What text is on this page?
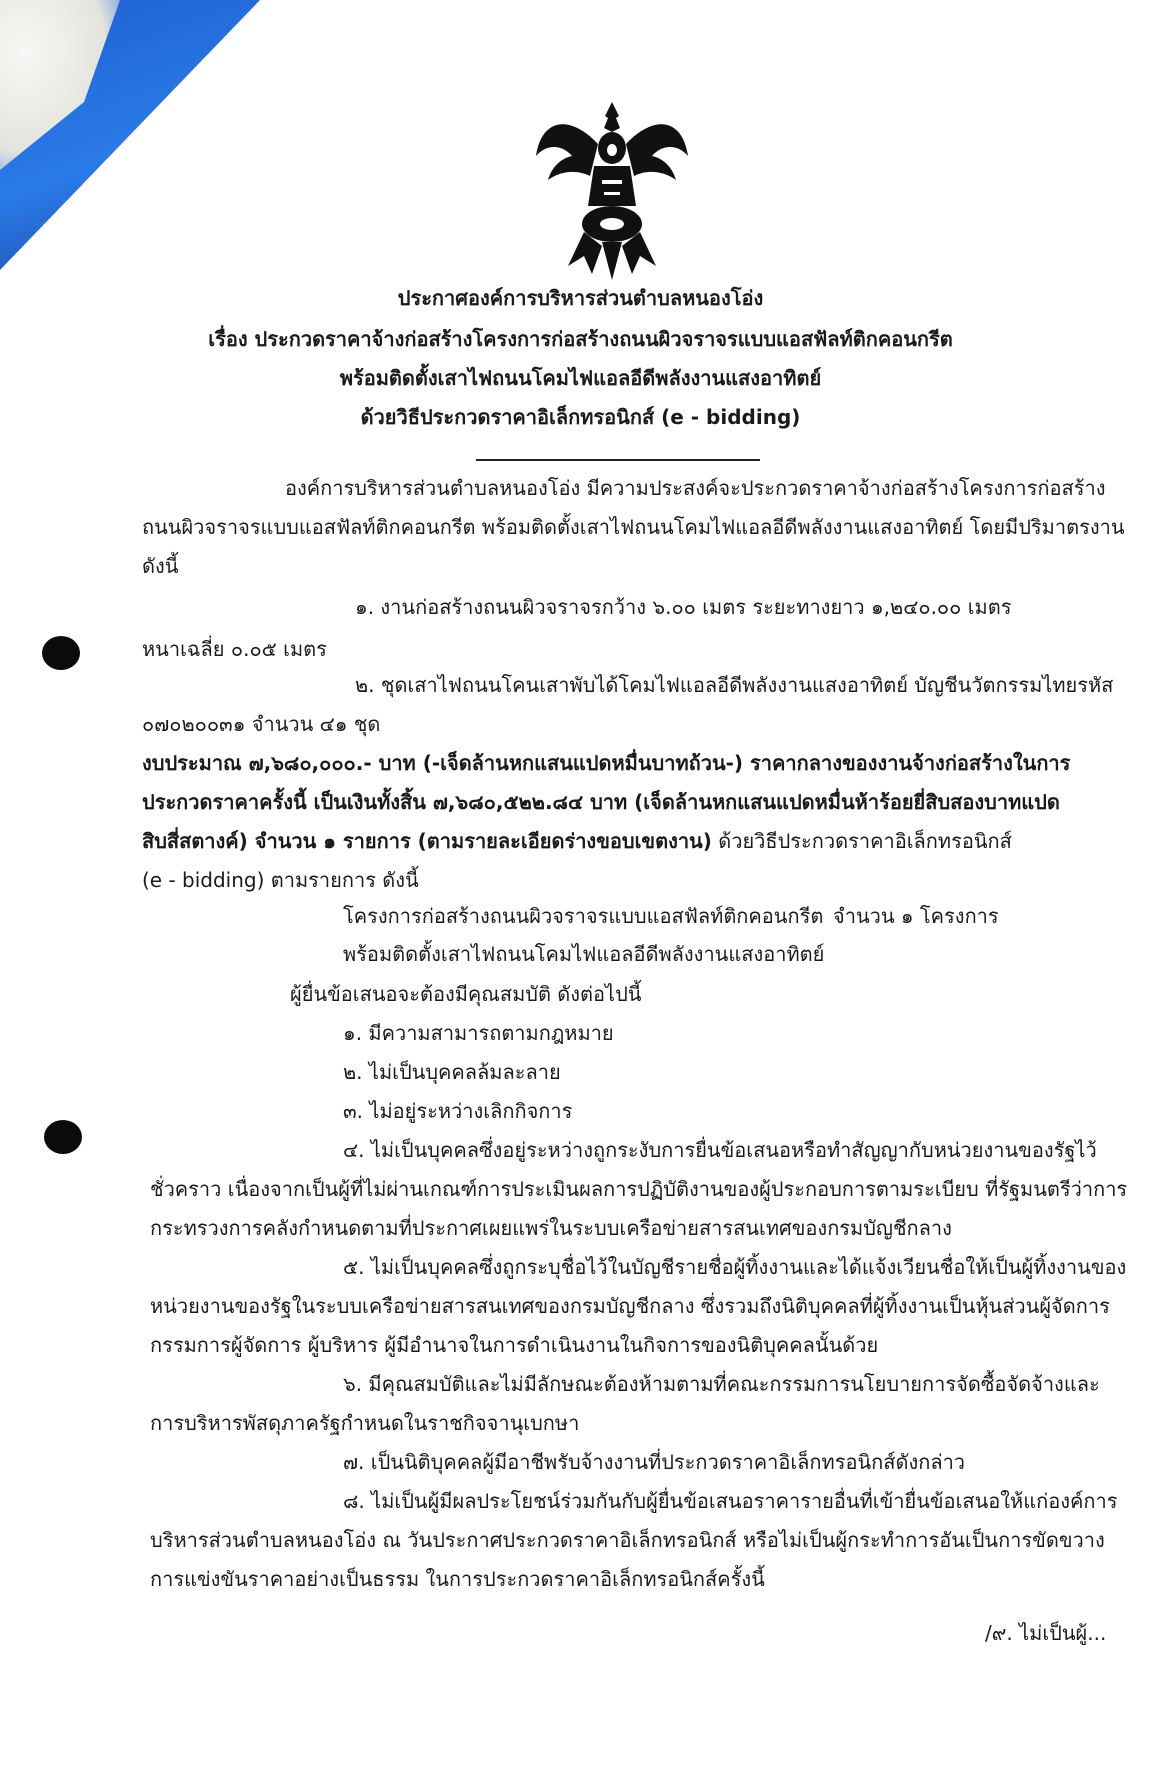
ประกาศองค์การบริหารส่วนตำบลหนองโอ่ง
เรื่อง ประกวดราคาจ้างก่อสร้างโครงการก่อสร้างถนนผิวจราจรแบบแอสฟัลท์ติกคอนกรีต
พร้อมติดตั้งเสาไฟถนนโคมไฟแอลอีดีพลังงานแสงอาทิตย์
ด้วยวิธีประกวดราคาอิเล็กทรอนิกส์ (e - bidding)
องค์การบริหารส่วนตำบลหนองโอ่ง มีความประสงค์จะประกวดราคาจ้างก่อสร้างโครงการก่อสร้าง
ถนนผิวจราจรแบบแอสฟัลท์ติกคอนกรีต พร้อมติดตั้งเสาไฟถนนโคมไฟแอลอีดีพลังงานแสงอาทิตย์ โดยมีปริมาตรงาน
ดังนี้
๑. งานก่อสร้างถนนผิวจราจรกว้าง ๖.๐๐ เมตร ระยะทางยาว ๑,๒๔๐.๐๐ เมตร
หนาเฉลี่ย ๐.๐๕ เมตร
๒. ชุดเสาไฟถนนโคนเสาพับได้โคมไฟแอลอีดีพลังงานแสงอาทิตย์ บัญชีนวัตกรรมไทยรหัส
๐๗๐๒๐๐๓๑ จำนวน ๔๑ ชุด
งบประมาณ ๗,๖๘๐,๐๐๐.- บาท (-เจ็ดล้านหกแสนแปดหมื่นบาทถ้วน-) ราคากลางของงานจ้างก่อสร้างในการ
ประกวดราคาครั้งนี้ เป็นเงินทั้งสิ้น ๗,๖๘๐,๕๒๒.๘๔ บาท (เจ็ดล้านหกแสนแปดหมื่นห้าร้อยยี่สิบสองบาทแปด
สิบสี่สตางค์) จำนวน ๑ รายการ (ตามรายละเอียดร่างขอบเขตงาน) ด้วยวิธีประกวดราคาอิเล็กทรอนิกส์
(e - bidding) ตามรายการ ดังนี้
โครงการก่อสร้างถนนผิวจราจรแบบแอสฟัลท์ติกคอนกรีต จำนวน ๑ โครงการ
พร้อมติดตั้งเสาไฟถนนโคมไฟแอลอีดีพลังงานแสงอาทิตย์
ผู้ยื่นข้อเสนอจะต้องมีคุณสมบัติ ดังต่อไปนี้
๑. มีความสามารถตามกฎหมาย
๒. ไม่เป็นบุคคลล้มละลาย
๓. ไม่อยู่ระหว่างเลิกกิจการ
๔. ไม่เป็นบุคคลซึ่งอยู่ระหว่างถูกระงับการยื่นข้อเสนอหรือทำสัญญากับหน่วยงานของรัฐไว้
ชั่วคราว เนื่องจากเป็นผู้ที่ไม่ผ่านเกณฑ์การประเมินผลการปฏิบัติงานของผู้ประกอบการตามระเบียบ ที่รัฐมนตรีว่าการ
กระทรวงการคลังกำหนดตามที่ประกาศเผยแพร่ในระบบเครือข่ายสารสนเทศของกรมบัญชีกลาง
๕. ไม่เป็นบุคคลซึ่งถูกระบุชื่อไว้ในบัญชีรายชื่อผู้ทิ้งงานและได้แจ้งเวียนชื่อให้เป็นผู้ทิ้งงานของ
หน่วยงานของรัฐในระบบเครือข่ายสารสนเทศของกรมบัญชีกลาง ซึ่งรวมถึงนิติบุคคลที่ผู้ทิ้งงานเป็นหุ้นส่วนผู้จัดการ
กรรมการผู้จัดการ ผู้บริหาร ผู้มีอำนาจในการดำเนินงานในกิจการของนิติบุคคลนั้นด้วย
๖. มีคุณสมบัติและไม่มีลักษณะต้องห้ามตามที่คณะกรรมการนโยบายการจัดซื้อจัดจ้างและ
การบริหารพัสดุภาครัฐกำหนดในราชกิจจานุเบกษา
๗. เป็นนิติบุคคลผู้มีอาชีพรับจ้างงานที่ประกวดราคาอิเล็กทรอนิกส์ดังกล่าว
๘. ไม่เป็นผู้มีผลประโยชน์ร่วมกันกับผู้ยื่นข้อเสนอราคารายอื่นที่เข้ายื่นข้อเสนอให้แก่องค์การ
บริหารส่วนตำบลหนองโอ่ง ณ วันประกาศประกวดราคาอิเล็กทรอนิกส์ หรือไม่เป็นผู้กระทำการอันเป็นการขัดขวาง
การแข่งขันราคาอย่างเป็นธรรม ในการประกวดราคาอิเล็กทรอนิกส์ครั้งนี้
/๙. ไม่เป็นผู้...
